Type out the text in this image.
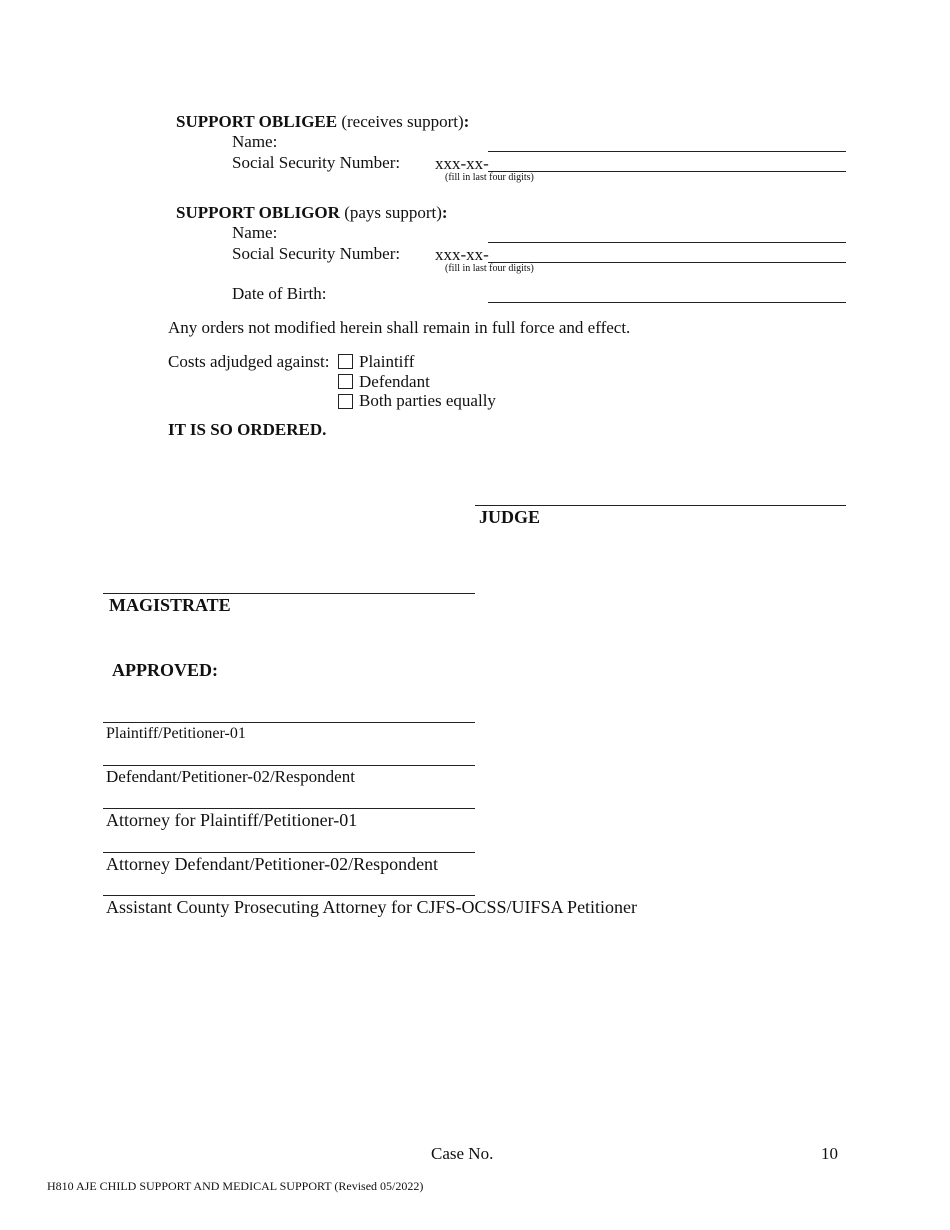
SUPPORT OBLIGEE (receives support):
Name:
Social Security Number: xxx-xx-
(fill in last four digits)
SUPPORT OBLIGOR (pays support):
Name:
Social Security Number: xxx-xx-
(fill in last four digits)
Date of Birth:
Any orders not modified herein shall remain in full force and effect.
Costs adjudged against: Plaintiff
Defendant
Both parties equally
IT IS SO ORDERED.
JUDGE
MAGISTRATE
APPROVED:
Plaintiff/Petitioner-01
Defendant/Petitioner-02/Respondent
Attorney for Plaintiff/Petitioner-01
Attorney Defendant/Petitioner-02/Respondent
Assistant County Prosecuting Attorney for CJFS-OCSS/UIFSA Petitioner
Case No.	10
H810 AJE CHILD SUPPORT AND MEDICAL SUPPORT (Revised 05/2022)
